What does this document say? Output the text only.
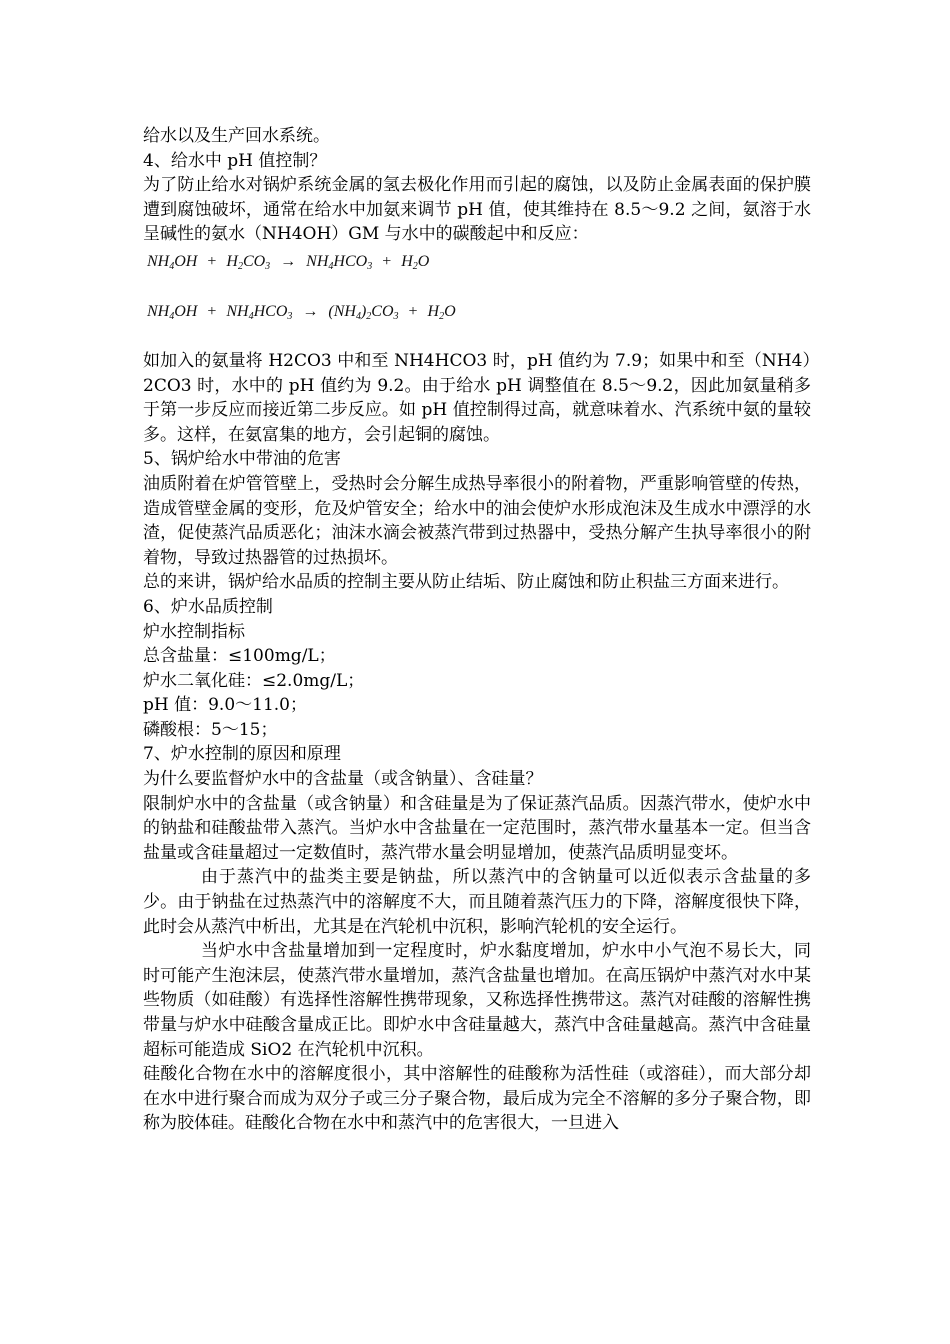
给水以及生产回水系统。

4、给水中 pH 值控制？

为了防止给水对锅炉系统金属的氢去极化作用而引起的腐蚀，以及防止金属表面的保护膜遭到腐蚀破坏，通常在给水中加氨来调节 pH 值，使其维持在 8.5～9.2 之间，氨溶于水呈碱性的氨水（NH4OH）GM 与水中的碳酸起中和反应：

$NH_4OH + H_2CO_3 \to NH_4HCO_3 + H_2O$
$NH_4OH + NH_4HCO_3 \to (NH_4)_2CO_3 + H_2O$

如加入的氨量将 H2CO3 中和至 NH4HCO3 时，pH 值约为 7.9；如果中和至（NH4）2CO3 时，水中的 pH 值约为 9.2。由于给水 pH 调整值在 8.5～9.2，因此加氨量稍多于第一步反应而接近第二步反应。如 pH 值控制得过高，就意味着水、汽系统中氨的量较多。这样，在氨富集的地方，会引起铜的腐蚀。

5、锅炉给水中带油的危害

油质附着在炉管管壁上，受热时会分解生成热导率很小的附着物，严重影响管壁的传热，造成管壁金属的变形，危及炉管安全；给水中的油会使炉水形成泡沫及生成水中漂浮的水渣，促使蒸汽品质恶化；油沫水滴会被蒸汽带到过热器中，受热分解产生执导率很小的附着物，导致过热器管的过热损坏。

总的来讲，锅炉给水品质的控制主要从防止结垢、防止腐蚀和防止积盐三方面来进行。

6、炉水品质控制

炉水控制指标

总含盐量：≤100mg/L；

炉水二氧化硅：≤2.0mg/L；

pH 值：9.0～11.0；

磷酸根：5～15；

7、炉水控制的原因和原理

为什么要监督炉水中的含盐量（或含钠量）、含硅量？

限制炉水中的含盐量（或含钠量）和含硅量是为了保证蒸汽品质。因蒸汽带水，使炉水中的钠盐和硅酸盐带入蒸汽。当炉水中含盐量在一定范围时，蒸汽带水量基本一定。但当含盐量或含硅量超过一定数值时，蒸汽带水量会明显增加，使蒸汽品质明显变坏。

由于蒸汽中的盐类主要是钠盐，所以蒸汽中的含钠量可以近似表示含盐量的多少。由于钠盐在过热蒸汽中的溶解度不大，而且随着蒸汽压力的下降，溶解度很快下降，此时会从蒸汽中析出，尤其是在汽轮机中沉积，影响汽轮机的安全运行。

当炉水中含盐量增加到一定程度时，炉水黏度增加，炉水中小气泡不易长大，同时可能产生泡沫层，使蒸汽带水量增加，蒸汽含盐量也增加。在高压锅炉中蒸汽对水中某些物质（如硅酸）有选择性溶解性携带现象，又称选择性携带这。蒸汽对硅酸的溶解性携带量与炉水中硅酸含量成正比。即炉水中含硅量越大，蒸汽中含硅量越高。蒸汽中含硅量超标可能造成 SiO2 在汽轮机中沉积。

硅酸化合物在水中的溶解度很小，其中溶解性的硅酸称为活性硅（或溶硅），而大部分却在水中进行聚合而成为双分子或三分子聚合物，最后成为完全不溶解的多分子聚合物，即称为胶体硅。硅酸化合物在水中和蒸汽中的危害很大，一旦进入
